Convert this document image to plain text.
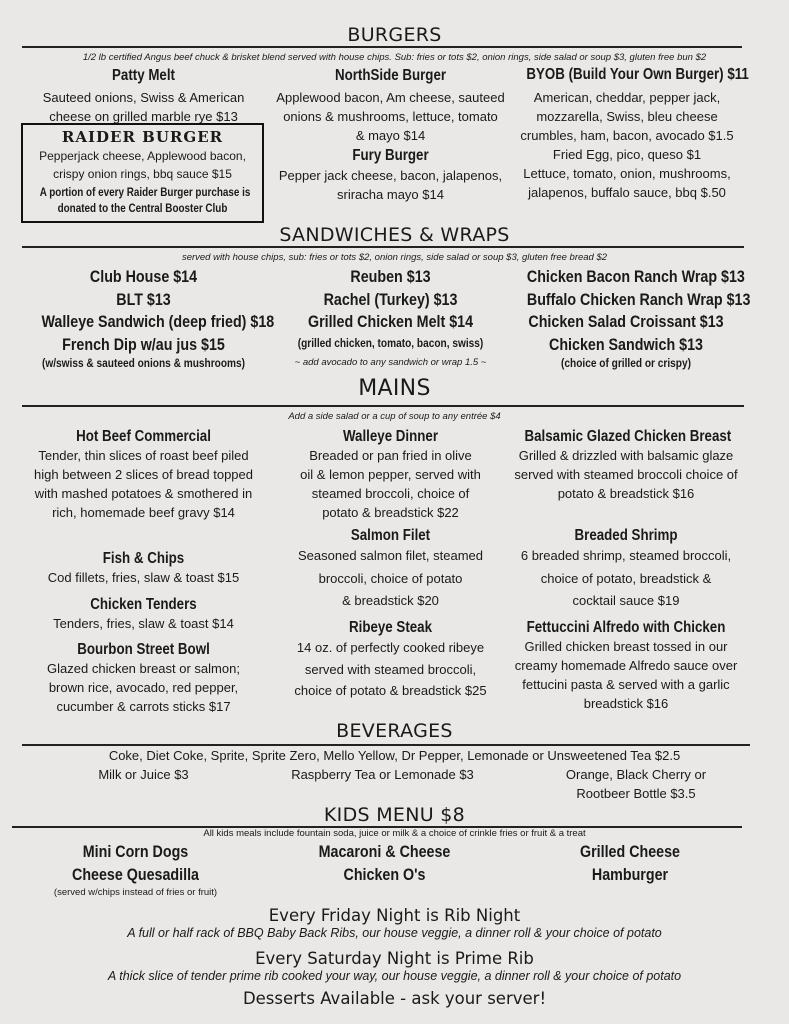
BURGERS
1/2 lb certified Angus beef chuck & brisket blend served with house chips. Sub: fries or tots $2, onion rings, side salad or soup $3, gluten free bun $2
Patty Melt
Sauteed onions, Swiss & American
cheese on grilled marble rye $13
RAIDER BURGER
Pepperjack cheese, Applewood bacon,
crispy onion rings, bbq sauce $15
A portion of every Raider Burger purchase is
donated to the Central Booster Club
NorthSide Burger
Applewood bacon, Am cheese, sauteed
onions & mushrooms, lettuce, tomato
& mayo $14
Fury Burger
Pepper jack cheese, bacon, jalapenos,
sriracha mayo $14
BYOB (Build Your Own Burger) $11
American, cheddar, pepper jack,
mozzarella, Swiss, bleu cheese
crumbles, ham, bacon, avocado $1.5
Fried Egg, pico, queso $1
Lettuce, tomato, onion, mushrooms,
jalapenos, buffalo sauce, bbq $.50
SANDWICHES & WRAPS
served with house chips, sub: fries or tots $2, onion rings, side salad or soup $3, gluten free bread $2
Club House $14
BLT $13
Walleye Sandwich (deep fried) $18
French Dip w/au jus $15
(w/swiss & sauteed onions & mushrooms)
Reuben $13
Rachel (Turkey) $13
Grilled Chicken Melt $14
(grilled chicken, tomato, bacon, swiss)
~ add avocado to any sandwich or wrap 1.5 ~
Chicken Bacon Ranch Wrap $13
Buffalo Chicken Ranch Wrap $13
Chicken Salad Croissant $13
Chicken Sandwich $13
(choice of grilled or crispy)
MAINS
Add a side salad or a cup of soup to any entrée $4
Hot Beef Commercial
Tender, thin slices of roast beef piled
high between 2 slices of bread topped
with mashed potatoes & smothered in
rich, homemade beef gravy $14
Fish & Chips
Cod fillets, fries, slaw & toast $15
Chicken Tenders
Tenders, fries, slaw & toast $14
Bourbon Street Bowl
Glazed chicken breast or salmon;
brown rice, avocado, red pepper,
cucumber & carrots sticks $17
Walleye Dinner
Breaded or pan fried in olive
oil & lemon pepper, served with
steamed broccoli, choice of
potato & breadstick $22
Salmon Filet
Seasoned salmon filet, steamed
broccoli, choice of potato
& breadstick $20
Ribeye Steak
14 oz. of perfectly cooked ribeye
served with steamed broccoli,
choice of potato & breadstick $25
Balsamic Glazed Chicken Breast
Grilled & drizzled with balsamic glaze
served with steamed broccoli choice of
potato & breadstick $16
Breaded Shrimp
6 breaded shrimp, steamed broccoli,
choice of potato, breadstick &
cocktail sauce $19
Fettuccini Alfredo with Chicken
Grilled chicken breast tossed in our
creamy homemade Alfredo sauce over
fettucini pasta & served with a garlic
breadstick $16
BEVERAGES
Coke, Diet Coke, Sprite, Sprite Zero, Mello Yellow, Dr Pepper, Lemonade or Unsweetened Tea $2.5
Milk or Juice $3	Raspberry Tea or Lemonade $3	Orange, Black Cherry or
Rootbeer Bottle $3.5
KIDS MENU $8
All kids meals include fountain soda, juice or milk & a choice of crinkle fries or fruit & a treat
Mini Corn Dogs
Cheese Quesadilla
(served w/chips instead of fries or fruit)
Macaroni & Cheese
Chicken O's
Grilled Cheese
Hamburger
Every Friday Night is Rib Night
A full or half rack of BBQ Baby Back Ribs, our house veggie, a dinner roll & your choice of potato
Every Saturday Night is Prime Rib
A thick slice of tender prime rib cooked your way, our house veggie, a dinner roll & your choice of potato
Desserts Available - ask your server!
